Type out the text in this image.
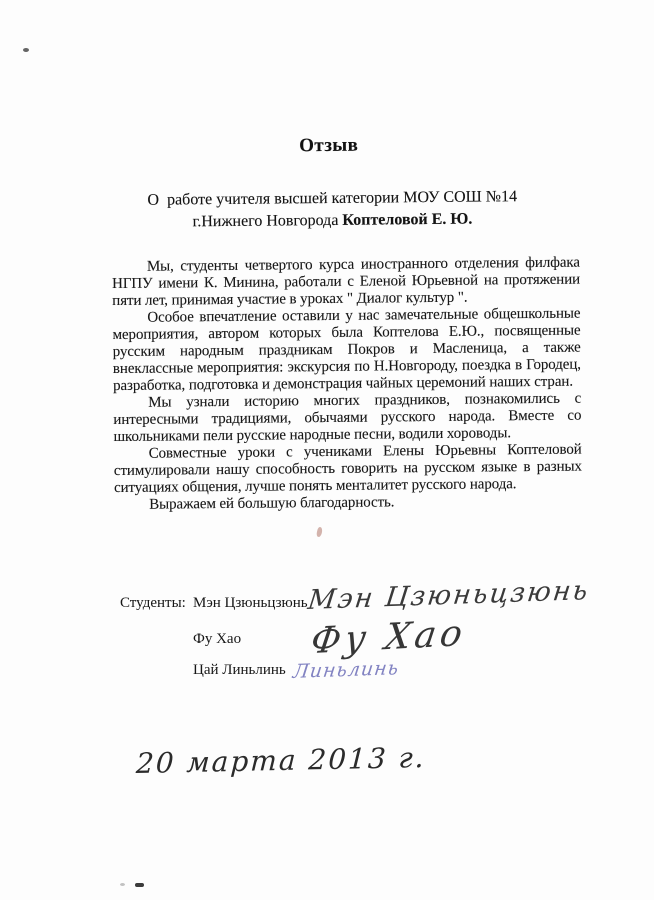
Отзыв
О  работе учителя высшей категории МОУ СОШ №14
г.Нижнего Новгорода Коптеловой Е. Ю.

Мы, студенты четвертого курса иностранного отделения филфака НГПУ имени К. Минина, работали с Еленой Юрьевной на протяжении пяти лет, принимая участие в уроках " Диалог культур ".

Особое впечатление оставили у нас замечательные общешкольные мероприятия, автором которых была Коптелова Е.Ю., посвященные русским народным праздникам Покров и Масленица, а также внеклассные мероприятия: экскурсия по Н.Новгороду, поездка в Городец, разработка, подготовка и демонстрация чайных церемоний наших стран.

Мы узнали историю многих праздников, познакомились с интересными традициями, обычаями русского народа. Вместе со школьниками пели русские народные песни, водили хороводы.

Совместные уроки с учениками Елены Юрьевны Коптеловой стимулировали нашу способность говорить на русском языке в разных ситуациях общения, лучше понять менталитет русского народа.

Выражаем ей большую благодарность.

Студенты: Мэн Цзюньцзюнь
Мэн Цзюньцзюнь
Фу Хао Фу Хао
Цай Линьлинь Линьлинь
20 марта 2013 г.
